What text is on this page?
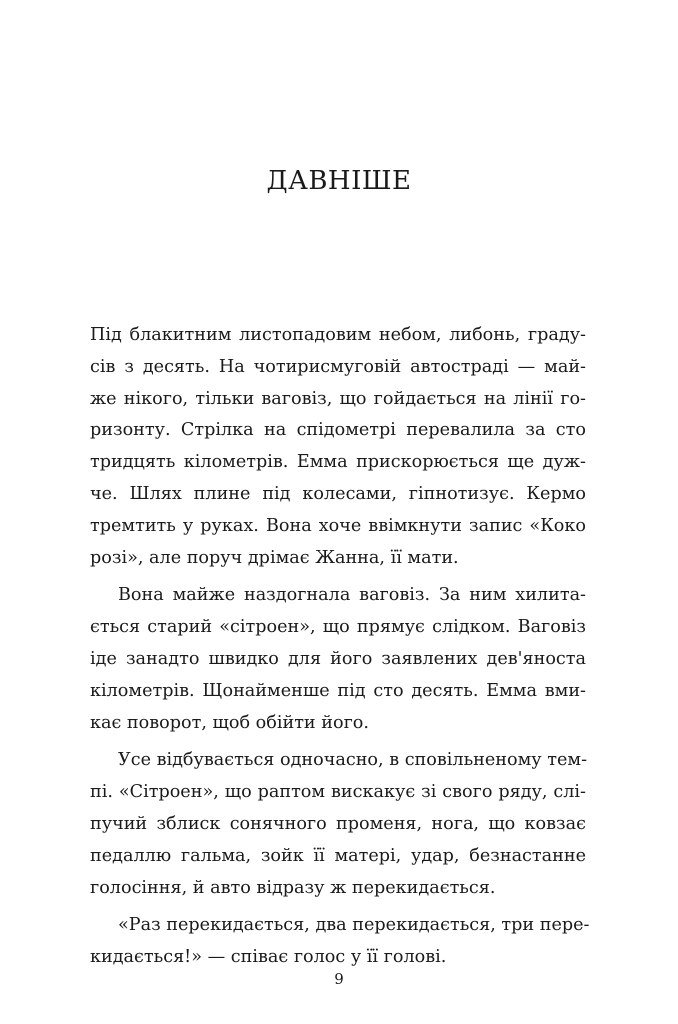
ДАВНІШЕ
Під блакитним листопадовим небом, либонь, граду-
сів з десять. На чотирисмуговій автостраді — май-
же нікого, тільки ваговіз, що гойдається на лінії го-
ризонту. Стрілка на спідометрі перевалила за сто
тридцять кілометрів. Емма прискорюється ще дуж-
че. Шлях плине під колесами, гіпнотизує. Кермо
тремтить у руках. Вона хоче ввімкнути запис «Коко
розі», але поруч дрімає Жанна, її мати.
Вона майже наздогнала ваговіз. За ним хилита-
ється старий «сітроен», що прямує слідком. Ваговіз
іде занадто швидко для його заявлених дев'яноста
кілометрів. Щонайменше під сто десять. Емма вми-
кає поворот, щоб обійти його.
Усе відбувається одночасно, в сповільненому тем-
пі. «Сітроен», що раптом вискакує зі свого ряду, слі-
пучий зблиск сонячного променя, нога, що ковзає
педаллю гальма, зойк її матері, удар, безнастанне
голосіння, й авто відразу ж перекидається.
«Раз перекидається, два перекидається, три пере-
кидається!» — співає голос у її голові.
9
